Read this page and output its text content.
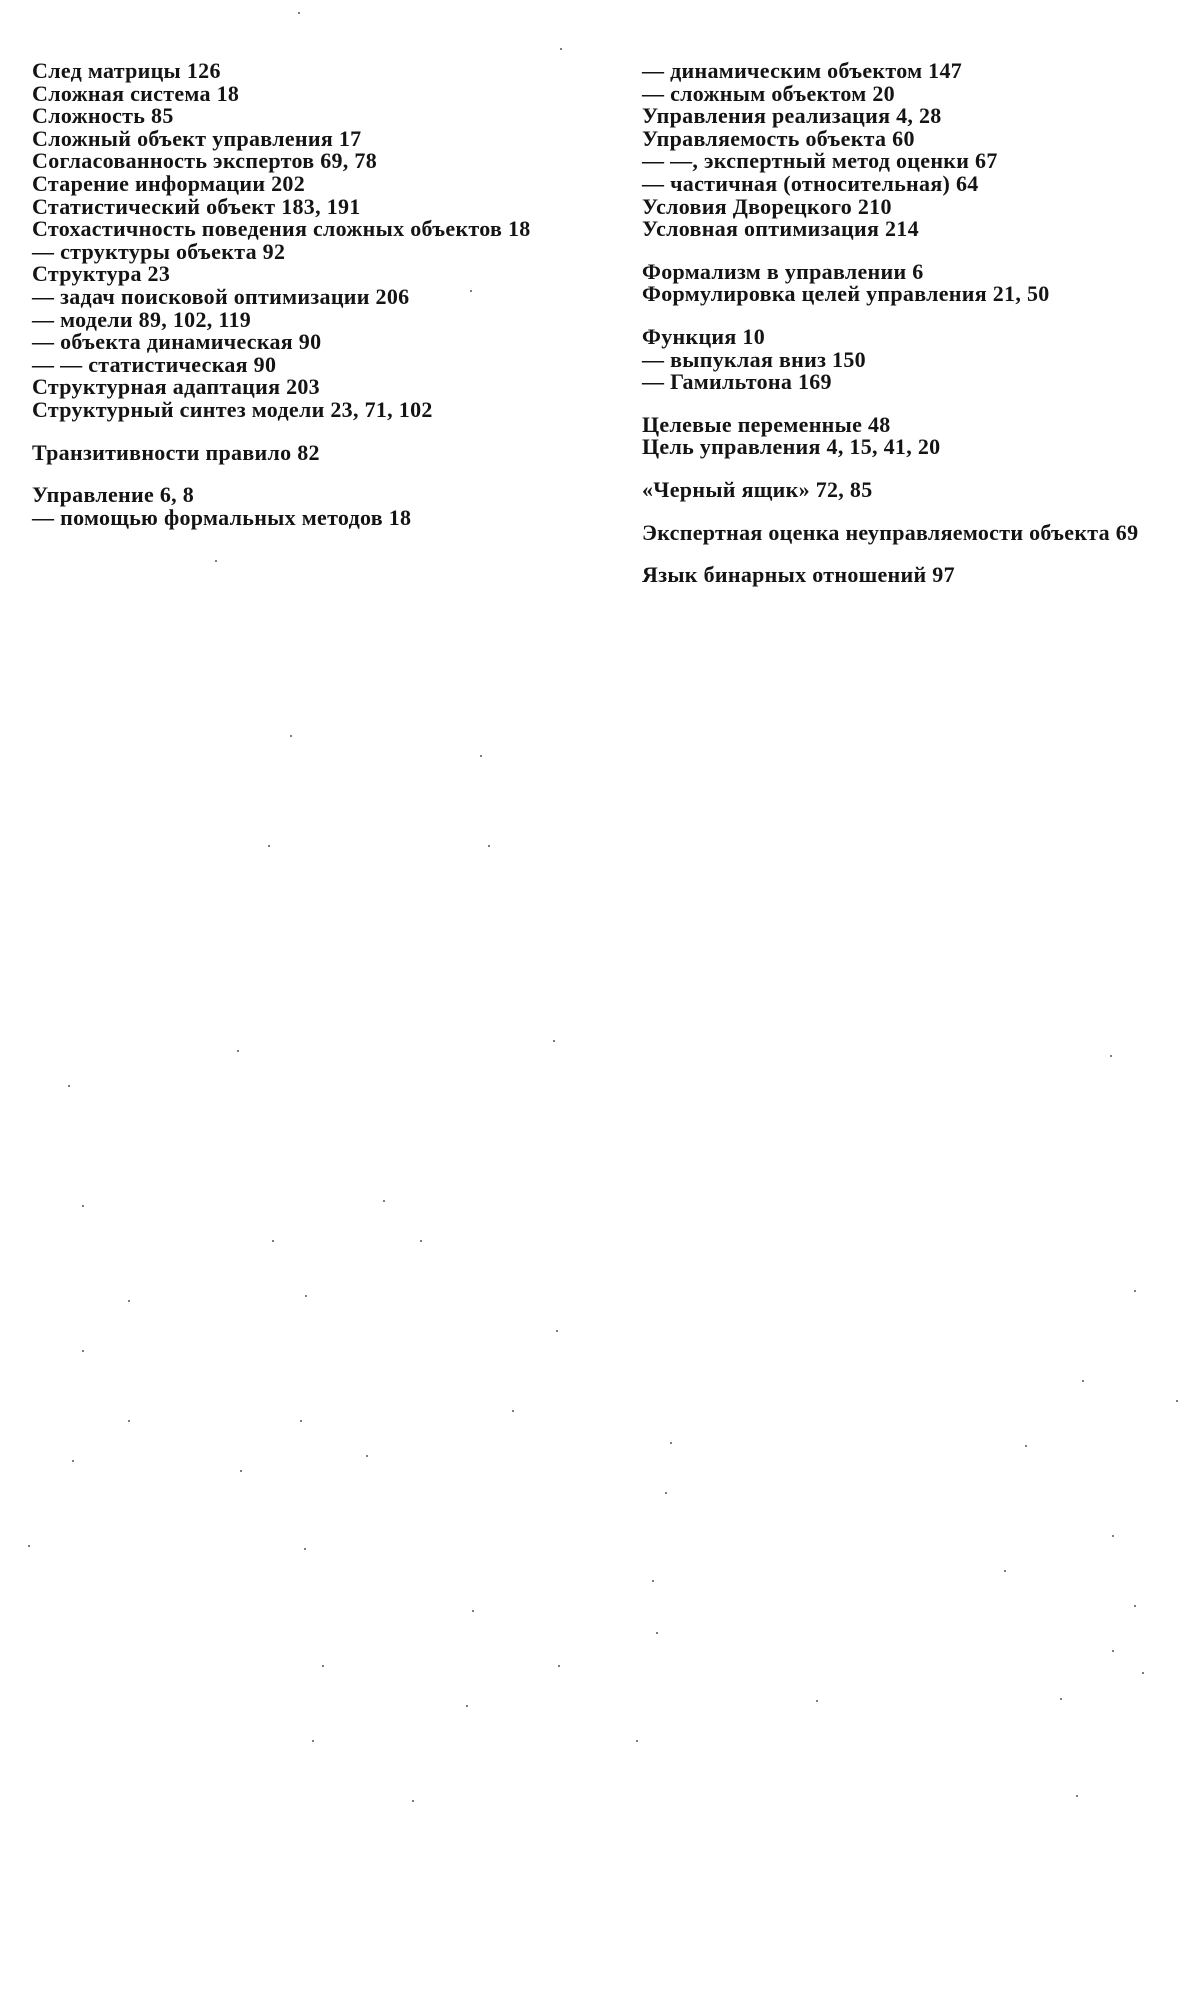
След матрицы 126
Сложная система 18
Сложность 85
Сложный объект управления 17
Согласованность экспертов 69, 78
Старение информации 202
Статистический объект 183, 191
Стохастичность поведения сложных объектов 18
— структуры объекта 92
Структура 23
— задач поисковой оптимизации 206
— модели 89, 102, 119
— объекта динамическая 90
— — статистическая 90
Структурная адаптация 203
Структурный синтез модели 23, 71, 102
Транзитивности правило 82
Управление 6, 8
— помощью формальных методов 18
— динамическим объектом 147
— сложным объектом 20
Управления реализация 4, 28
Управляемость объекта 60
— —, экспертный метод оценки 67
— частичная (относительная) 64
Условия Дворецкого 210
Условная оптимизация 214
Формализм в управлении 6
Формулировка целей управления 21, 50
Функция 10
— выпуклая вниз 150
— Гамильтона 169
Целевые переменные 48
Цель управления 4, 15, 41, 20
«Черный ящик» 72, 85
Экспертная оценка неуправляемости объекта 69
Язык бинарных отношений 97
